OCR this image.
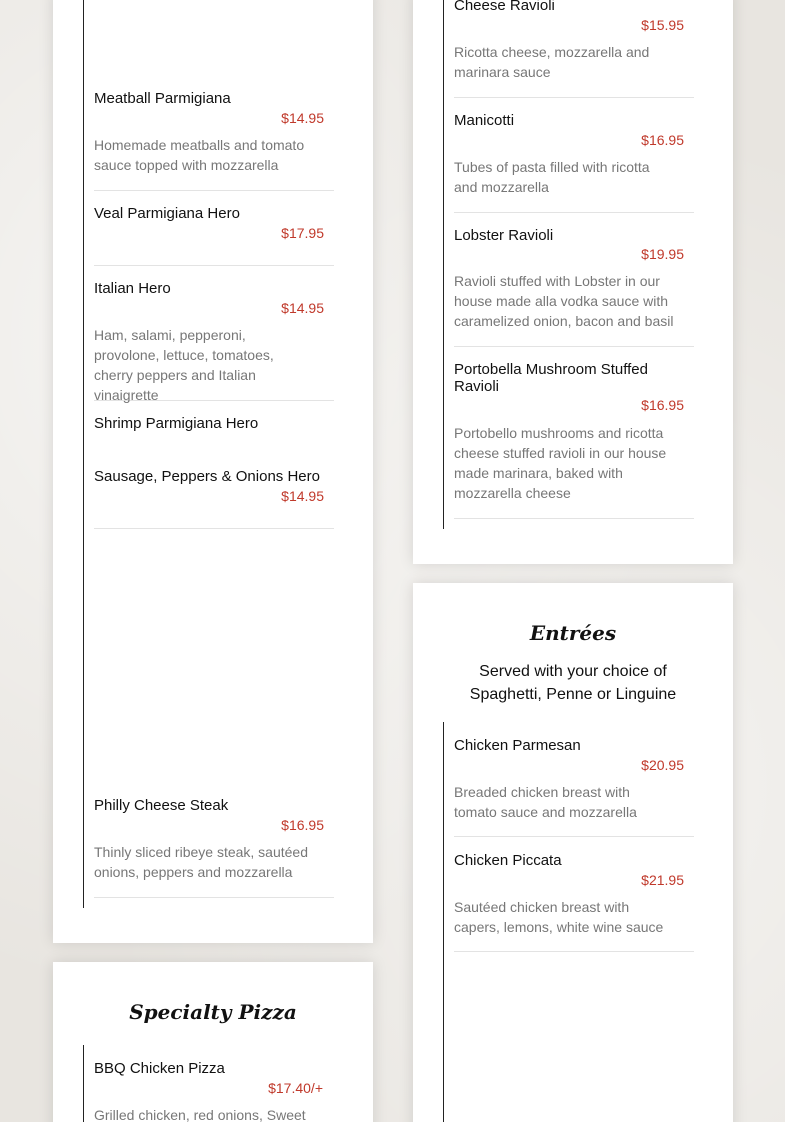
Meatball Parmigiana
$14.95
Homemade meatballs and tomato sauce topped with mozzarella
Veal Parmigiana Hero
$17.95
Italian Hero
$14.95
Ham, salami, pepperoni, provolone, lettuce, tomatoes, cherry peppers and Italian vinaigrette
Shrimp Parmigiana Hero
Sausage, Peppers & Onions Hero
$14.95
Philly Cheese Steak
$16.95
Thinly sliced ribeye steak, sautéed onions, peppers and mozzarella
Specialty Pizza
BBQ Chicken Pizza
$17.40/+
Grilled chicken, red onions, Sweet
Cheese Ravioli
$15.95
Ricotta cheese, mozzarella and marinara sauce
Manicotti
$16.95
Tubes of pasta filled with ricotta and mozzarella
Lobster Ravioli
$19.95
Ravioli stuffed with Lobster in our house made alla vodka sauce with caramelized onion, bacon and basil
Portobella Mushroom Stuffed Ravioli
$16.95
Portobello mushrooms and ricotta cheese stuffed ravioli in our house made marinara, baked with mozzarella cheese
Entrées
Served with your choice of Spaghetti, Penne or Linguine
Chicken Parmesan
$20.95
Breaded chicken breast with tomato sauce and mozzarella
Chicken Piccata
$21.95
Sautéed chicken breast with capers, lemons, white wine sauce
